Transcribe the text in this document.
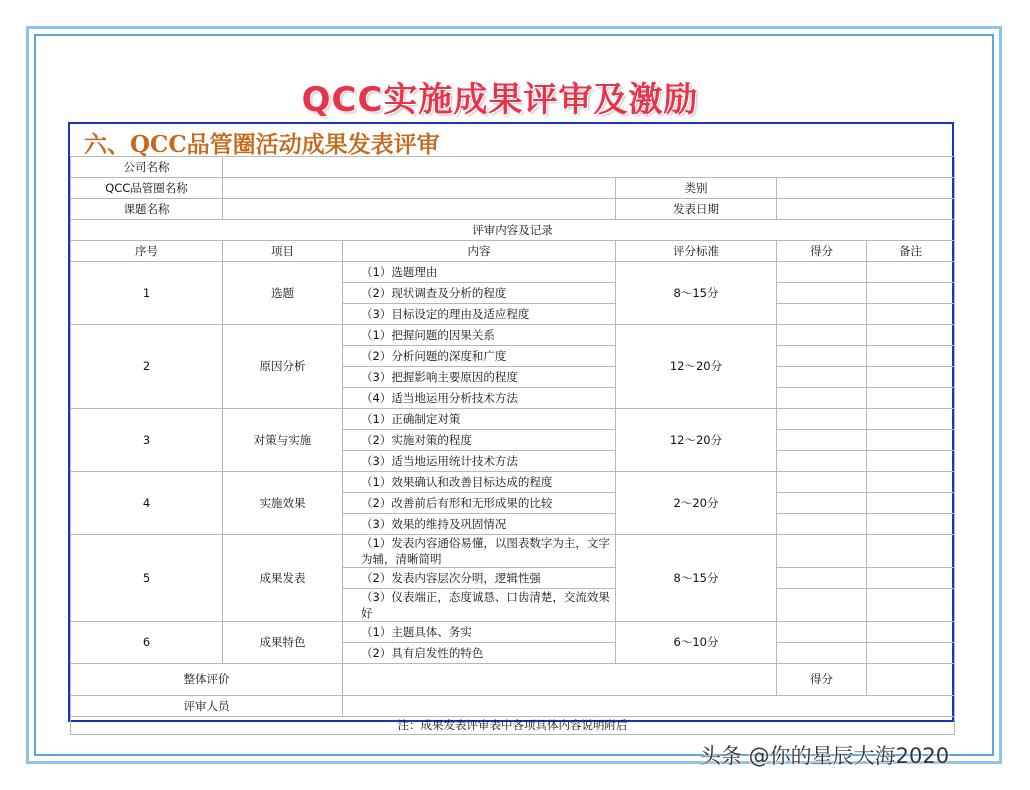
QCC实施成果评审及激励
六、QCC品管圈活动成果发表评审
公司名称					
QCC品管圈名称			类别		
课题名称			发表日期		
评审内容及记录					
序号	项目	内容	评分标准	得分	备注
1	选题	（1）选题理由	8～15分		
		（2）现状调查及分析的程度			
		（3）目标设定的理由及适应程度			
2	原因分析	（1）把握问题的因果关系	12～20分		
		（2）分析问题的深度和广度			
		（3）把握影响主要原因的程度			
		（4）适当地运用分析技术方法			
3	对策与实施	（1）正确制定对策	12～20分		
		（2）实施对策的程度			
		（3）适当地运用统计技术方法			
4	实施效果	（1）效果确认和改善目标达成的程度	2～20分		
		（2）改善前后有形和无形成果的比较			
		（3）效果的维持及巩固情况			
5	成果发表	（1）发表内容通俗易懂，以图表数字为主，文字为辅，清晰简明	8～15分		
		（2）发表内容层次分明，逻辑性强			
		（3）仪表端正，态度诚恳、口齿清楚，交流效果好			
6	成果特色	（1）主题具体、务实	6～10分		
		（2）具有启发性的特色			
整体评价				得分	
评审人员					
注：成果发表评审表中各项具体内容说明附后					
头条 @你的星辰大海2020
